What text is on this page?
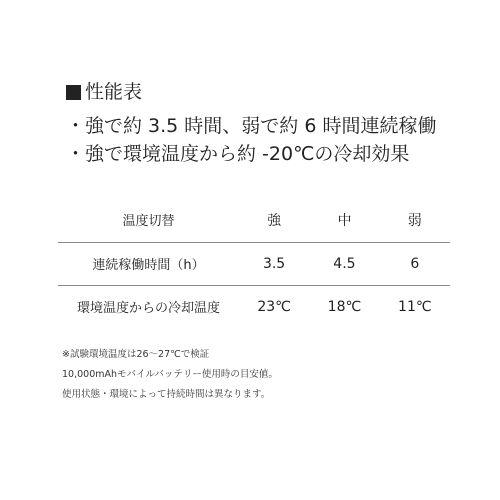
性能表
・強で約 3.5 時間、弱で約 6 時間連続稼働
・強で環境温度から約 -20℃の冷却効果
温度切替	強	中	弱
連続稼働時間（h）	3.5	4.5	6
環境温度からの冷却温度	23℃	18℃	11℃
※試験環境温度は26～27℃で検証
10,000mAhモバイルバッテリー使用時の目安値。
使用状態・環境によって持続時間は異なります。
